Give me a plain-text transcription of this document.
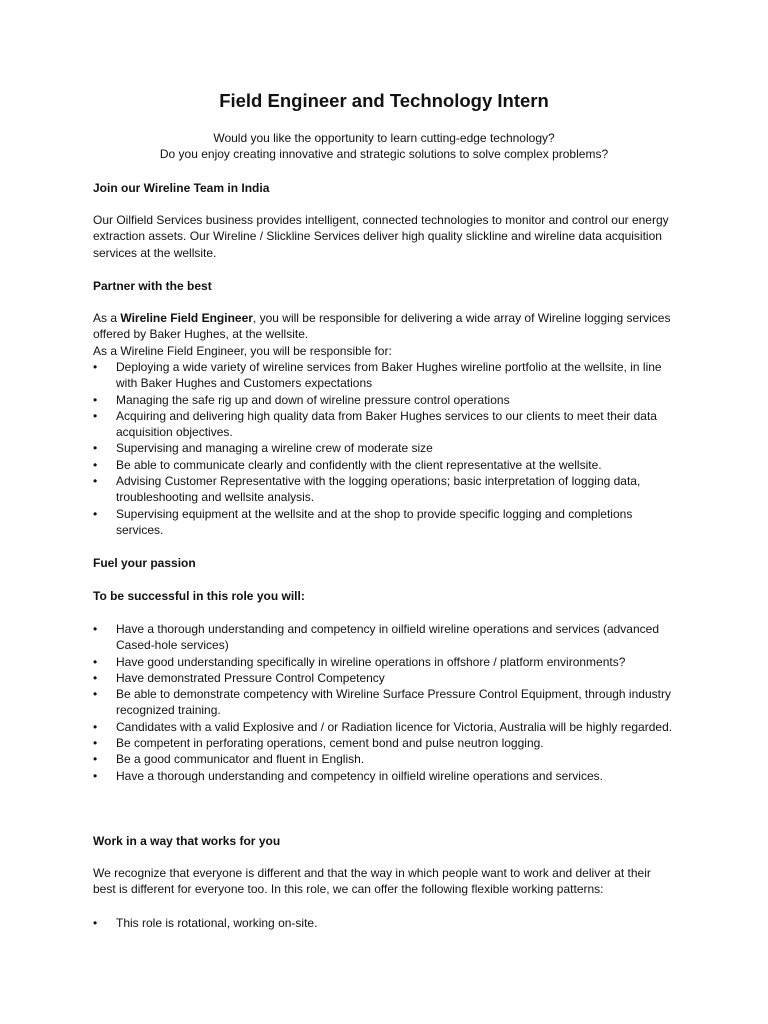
Field Engineer and Technology Intern

Would you like the opportunity to learn cutting-edge technology?

Do you enjoy creating innovative and strategic solutions to solve complex problems?

Join our Wireline Team in India

Our Oilfield Services business provides intelligent, connected technologies to monitor and control our energy extraction assets. Our Wireline / Slickline Services deliver high quality slickline and wireline data acquisition services at the wellsite.

Partner with the best

As a Wireline Field Engineer, you will be responsible for delivering a wide array of Wireline logging services offered by Baker Hughes, at the wellsite.

As a Wireline Field Engineer, you will be responsible for:

•	Deploying a wide variety of wireline services from Baker Hughes wireline portfolio at the wellsite, in line with Baker Hughes and Customers expectations
•	Managing the safe rig up and down of wireline pressure control operations
•	Acquiring and delivering high quality data from Baker Hughes services to our clients to meet their data acquisition objectives.
•	Supervising and managing a wireline crew of moderate size
•	Be able to communicate clearly and confidently with the client representative at the wellsite.
•	Advising Customer Representative with the logging operations; basic interpretation of logging data, troubleshooting and wellsite analysis.
•	Supervising equipment at the wellsite and at the shop to provide specific logging and completions services.

Fuel your passion

To be successful in this role you will:

•	Have a thorough understanding and competency in oilfield wireline operations and services (advanced Cased-hole services)
•	Have good understanding specifically in wireline operations in offshore / platform environments?
•	Have demonstrated Pressure Control Competency
•	Be able to demonstrate competency with Wireline Surface Pressure Control Equipment, through industry recognized training.
•	Candidates with a valid Explosive and / or Radiation licence for Victoria, Australia will be highly regarded.
•	Be competent in perforating operations, cement bond and pulse neutron logging.
•	Be a good communicator and fluent in English.
•	Have a thorough understanding and competency in oilfield wireline operations and services.

Work in a way that works for you

We recognize that everyone is different and that the way in which people want to work and deliver at their best is different for everyone too. In this role, we can offer the following flexible working patterns:

•	This role is rotational, working on-site.
